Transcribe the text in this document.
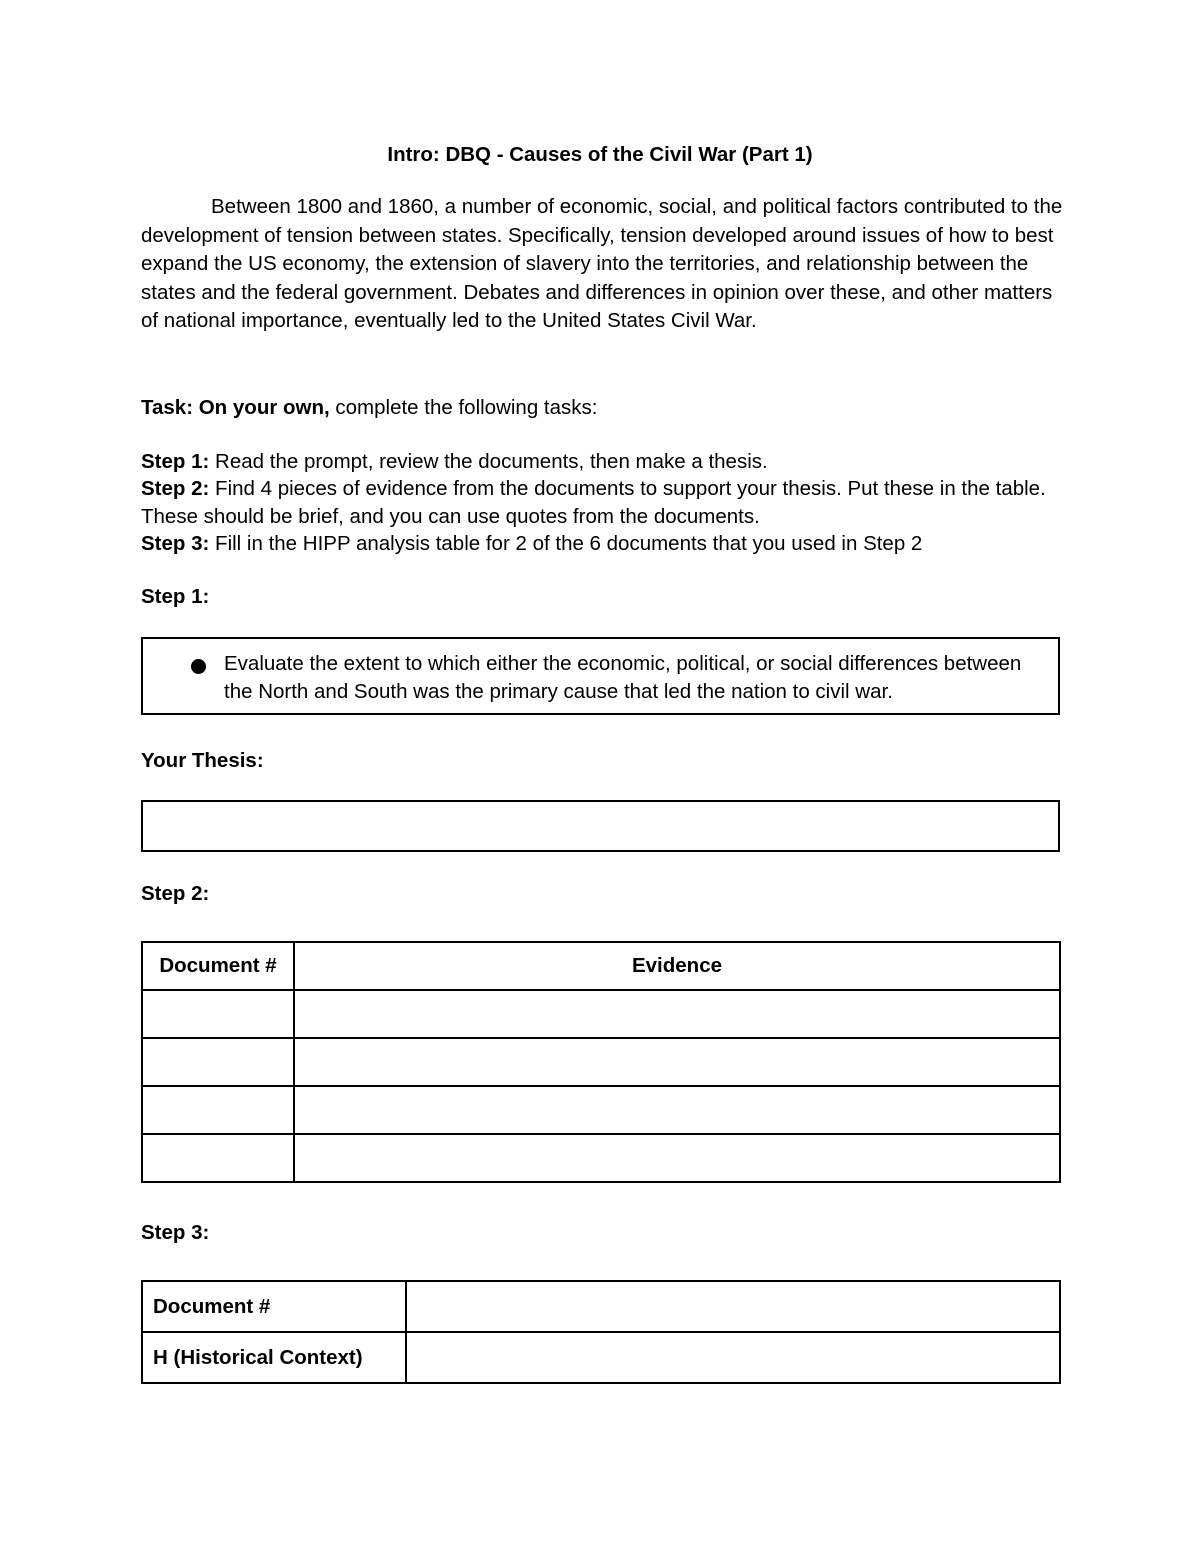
Intro: DBQ - Causes of the Civil War (Part 1)

Between 1800 and 1860, a number of economic, social, and political factors contributed to the development of tension between states. Specifically, tension developed around issues of how to best expand the US economy, the extension of slavery into the territories, and relationship between the states and the federal government. Debates and differences in opinion over these, and other matters of national importance, eventually led to the United States Civil War.

Task: On your own, complete the following tasks:

Step 1: Read the prompt, review the documents, then make a thesis.

Step 2: Find 4 pieces of evidence from the documents to support your thesis. Put these in the table. These should be brief, and you can use quotes from the documents.

Step 3: Fill in the HIPP analysis table for 2 of the 6 documents that you used in Step 2

Step 1:

Evaluate the extent to which either the economic, political, or social differences between the North and South was the primary cause that led the nation to civil war.

Your Thesis:

Step 2:

Document #	Evidence

Step 3:

Document #	
H (Historical Context)	
